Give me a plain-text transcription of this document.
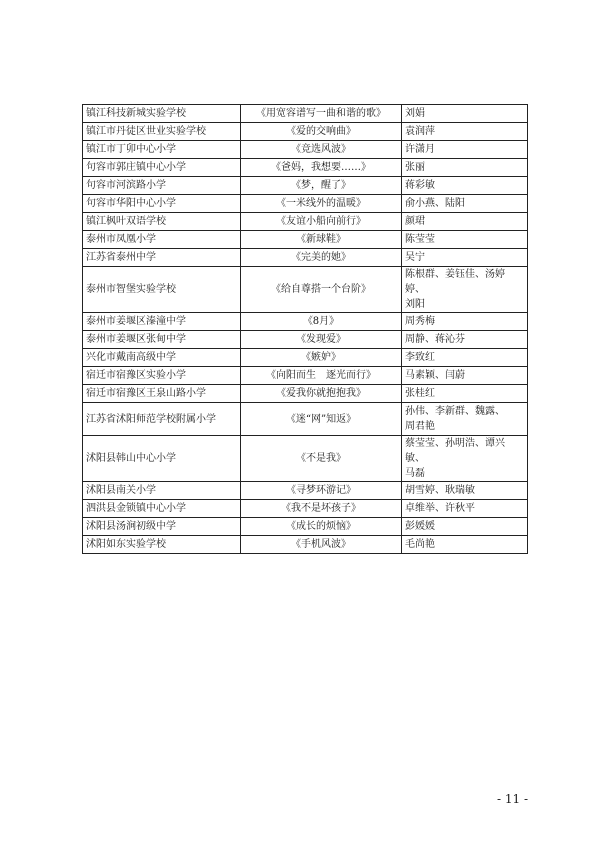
镇江科技新城实验学校	《用宽容谱写一曲和谐的歌》	刘娟

镇江市丹徒区世业实验学校	《爱的交响曲》	袁润萍

镇江市丁卯中心小学	《竞选风波》	许潇月

句容市郭庄镇中心小学	《爸妈，我想要……》	张丽

句容市河滨路小学	《梦，醒了》	蒋彩敏

句容市华阳中心小学	《一米线外的温暖》	俞小燕、陆阳

镇江枫叶双语学校	《友谊小船向前行》	颜珺

泰州市凤凰小学	《新球鞋》	陈莹莹

江苏省泰州中学	《完美的她》	吴宁

泰州市智堡实验学校	《给自尊搭一个台阶》	陈根群、姜钰佳、汤婷婷、
刘阳

泰州市姜堰区溱潼中学	《8月》	周秀梅

泰州市姜堰区张甸中学	《发现爱》	周静、蒋沁芬

兴化市戴南高级中学	《嫉妒》	李致红

宿迁市宿豫区实验小学	《向阳而生　逐光而行》	马素颖、闫蔚

宿迁市宿豫区王泉山路小学	《爱我你就抱抱我》	张桂红

江苏省沭阳师范学校附属小学	《迷“网”知返》	孙伟、李新群、魏露、
周君艳

沭阳县韩山中心小学	《不是我》	蔡莹莹、孙明浩、谭兴敏、
马磊

沭阳县南关小学	《寻梦环游记》	胡雪婷、耿瑞敏

泗洪县金锁镇中心小学	《我不是坏孩子》	卓维举、许秋平

沭阳县汤涧初级中学	《成长的烦恼》	彭媛媛

沭阳如东实验学校	《手机风波》	毛尚艳
- 11 -
